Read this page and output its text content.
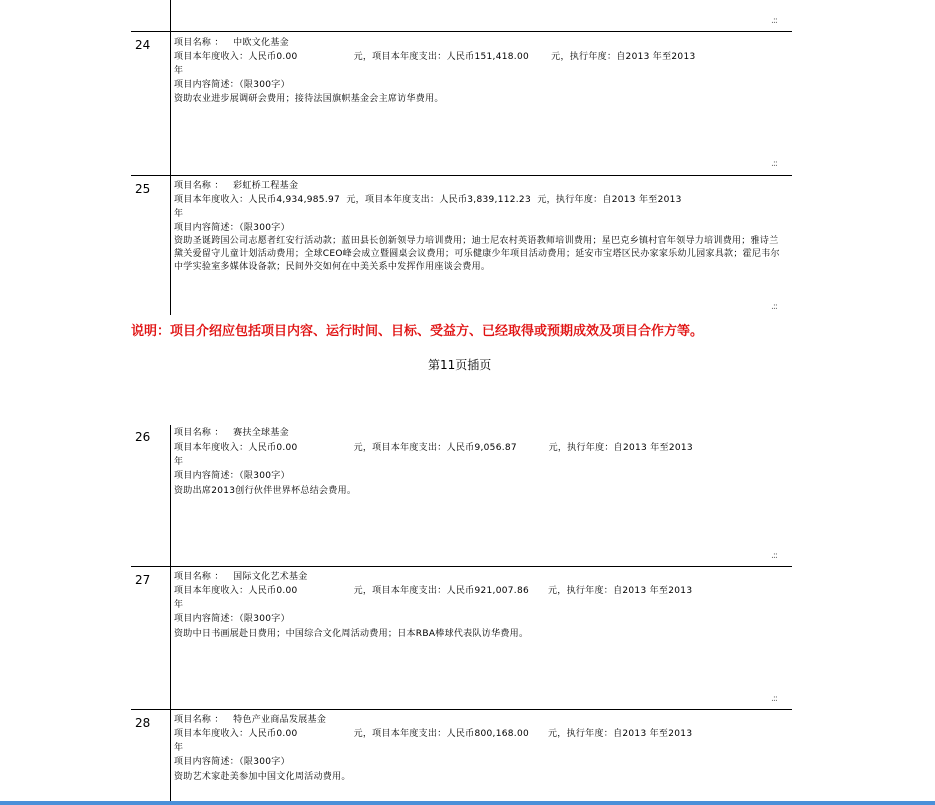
.::
24	项目名称 ： 中欧文化基金
项目本年度收入：人民币0.00	元，项目本年度支出：人民币151,418.00 元，执行年度：自2013 年至2013
年
项目内容简述：（限300字）
资助农业进步展调研会费用；接待法国旗帜基金会主席访华费用。
.::
25	项目名称 ： 彩虹桥工程基金
项目本年度收入：人民币4,934,985.97 元，项目本年度支出：人民币3,839,112.23 元，执行年度：自2013 年至2013
年
项目内容简述：（限300字）
资助圣诞跨国公司志愿者红安行活动款；蓝田县长创新领导力培训费用；迪士尼农村英语教师培训费用；星巴克乡镇村官年领导力培训费用；雅诗兰黛关爱留守儿童计划活动费用；全球CEO峰会成立暨圆桌会议费用；可乐健康少年项目活动费用；延安市宝塔区民办家家乐幼儿园家具款；霍尼韦尔中学实验室多媒体设备款；民间外交如何在中美关系中发挥作用座谈会费用。
.::
说明：项目介绍应包括项目内容、运行时间、目标、受益方、已经取得或预期成效及项目合作方等。
第11页插页
26	项目名称 ： 赛扶全球基金
项目本年度收入：人民币0.00	元，项目本年度支出：人民币9,056.87	元，执行年度：自2013 年至2013
年
项目内容简述：（限300字）
资助出席2013创行伙伴世界杯总结会费用。
.::
27	项目名称 ： 国际文化艺术基金
项目本年度收入：人民币0.00	元，项目本年度支出：人民币921,007.86 元，执行年度：自2013 年至2013
年
项目内容简述：（限300字）
资助中日书画展赴日费用；中国综合文化周活动费用；日本RBA棒球代表队访华费用。
.::
28	项目名称 ： 特色产业商品发展基金
项目本年度收入：人民币0.00	元，项目本年度支出：人民币800,168.00 元，执行年度：自2013 年至2013
年
项目内容简述：（限300字）
资助艺术家赴美参加中国文化周活动费用。
